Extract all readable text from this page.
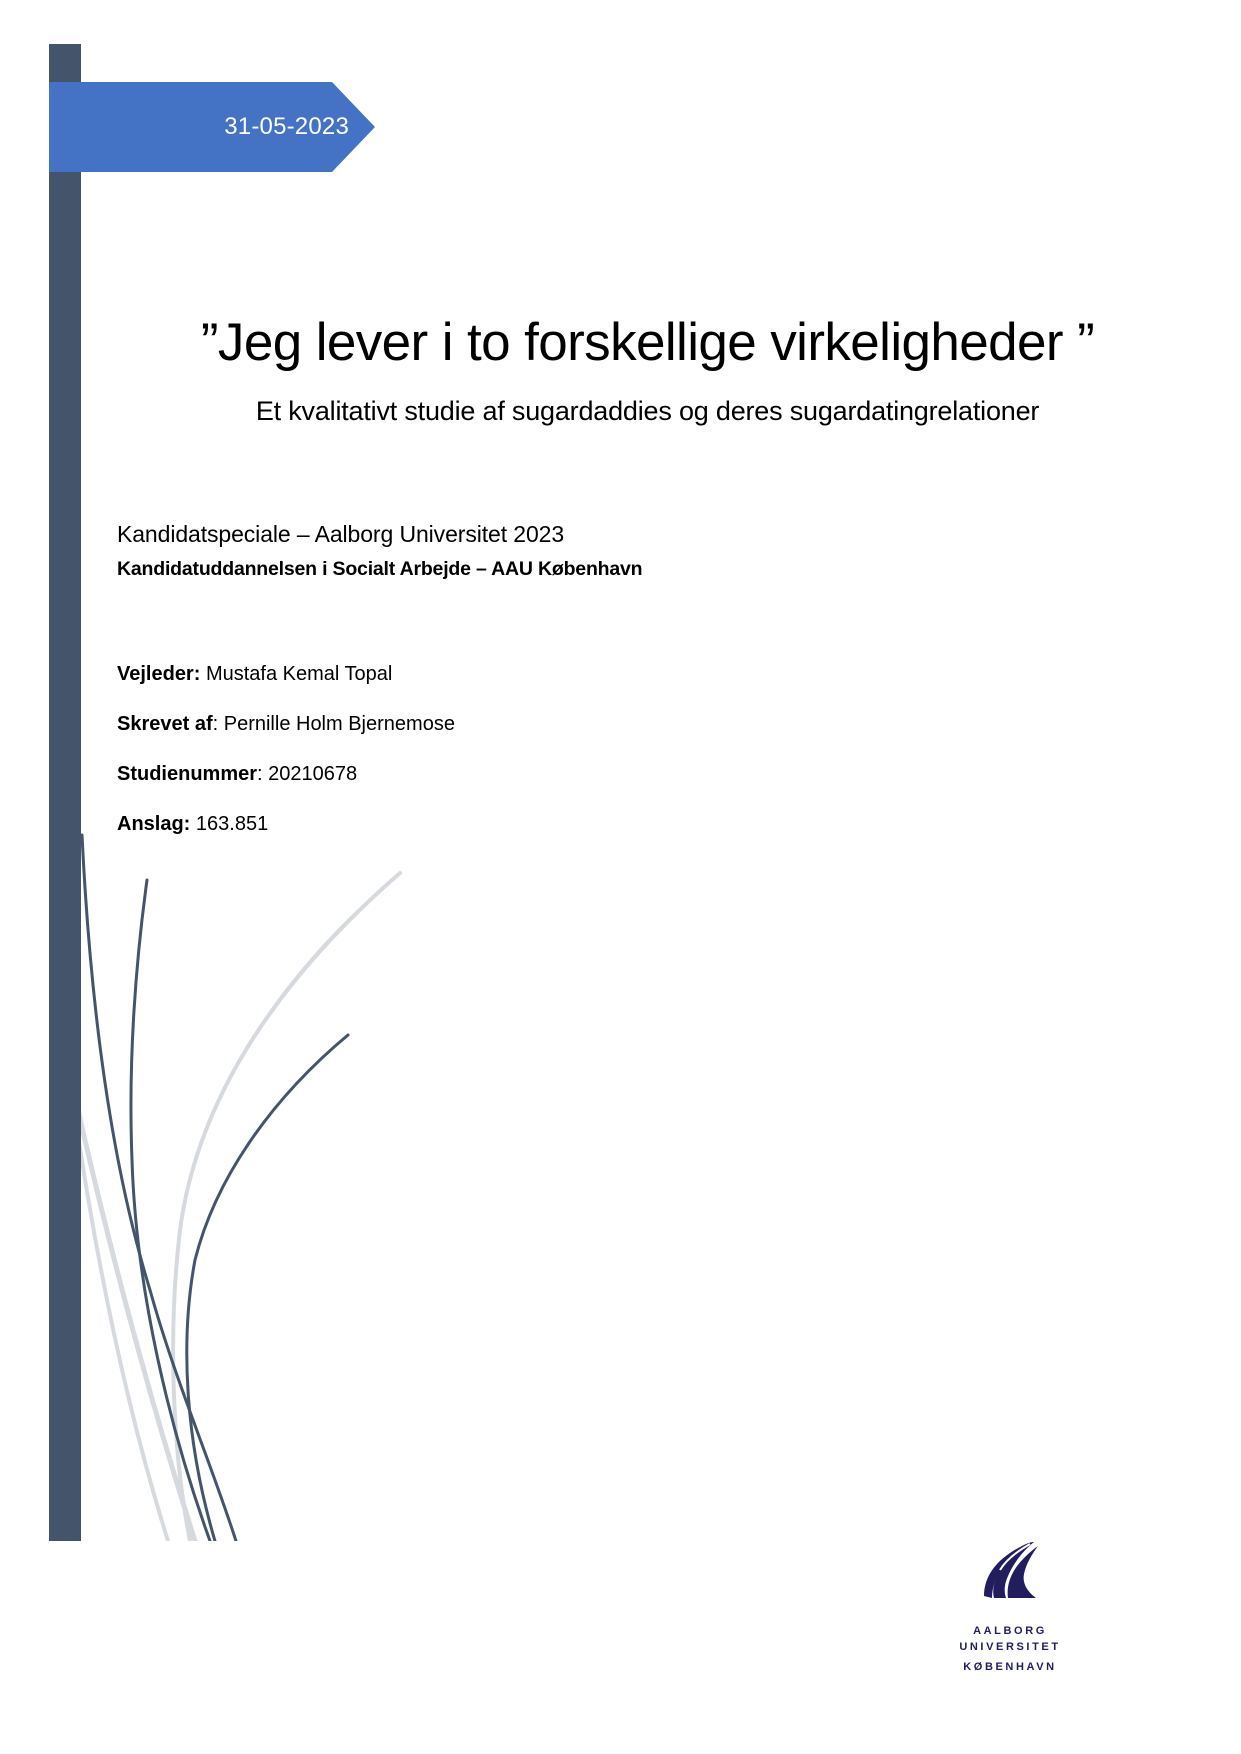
31-05-2023
”Jeg lever i to forskellige virkeligheder ”
Et kvalitativt studie af sugardaddies og deres sugardatingrelationer
Kandidatspeciale – Aalborg Universitet 2023
Kandidatuddannelsen i Socialt Arbejde – AAU København
Vejleder: Mustafa Kemal Topal
Skrevet af: Pernille Holm Bjernemose
Studienummer: 20210678
Anslag: 163.851
AALBORG
UNIVERSITET
KØBENHAVN
